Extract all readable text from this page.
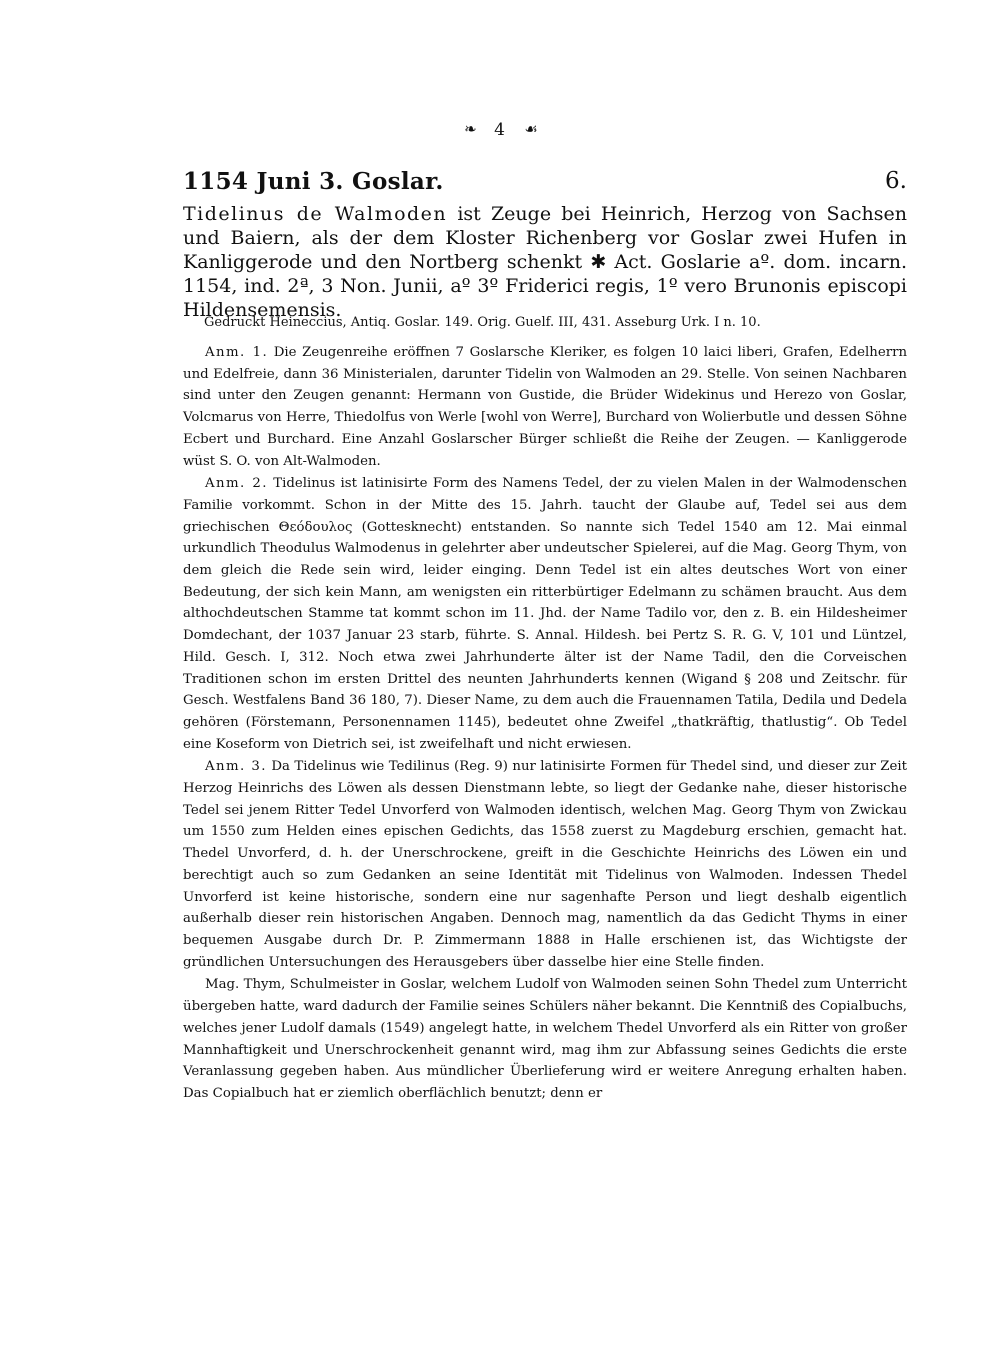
❧ 4 ☙
1154 Juni 3. Goslar.	6.
Tidelinus de Walmoden ist Zeuge bei Heinrich, Herzog von Sachsen und Baiern, als der dem Kloster Richenberg vor Goslar zwei Hufen in Kanliggerode und den Nortberg schenkt ✱ Act. Goslarie aº. dom. incarn. 1154, ind. 2ª, 3 Non. Junii, aº 3º Friderici regis, 1º vero Brunonis episcopi Hildensemensis.
Gedruckt Heineccius, Antiq. Goslar. 149. Orig. Guelf. III, 431. Asseburg Urk. I n. 10.

Anm. 1. Die Zeugenreihe eröffnen 7 Goslarsche Kleriker, es folgen 10 laici liberi, Grafen, Edelherrn und Edelfreie, dann 36 Ministerialen, darunter Tidelin von Walmoden an 29. Stelle. Von seinen Nachbaren sind unter den Zeugen genannt: Hermann von Gustide, die Brüder Widekinus und Herezo von Goslar, Volcmarus von Herre, Thiedolfus von Werle [wohl von Werre], Burchard von Wolierbutle und dessen Söhne Ecbert und Burchard. Eine Anzahl Goslarscher Bürger schließt die Reihe der Zeugen. — Kanliggerode wüst S. O. von Alt-Walmoden.

Anm. 2. Tidelinus ist latinisirte Form des Namens Tedel, der zu vielen Malen in der Walmodenschen Familie vorkommt. Schon in der Mitte des 15. Jahrh. taucht der Glaube auf, Tedel sei aus dem griechischen Θεόδουλος (Gottesknecht) entstanden. So nannte sich Tedel 1540 am 12. Mai einmal urkundlich Theodulus Walmodenus in gelehrter aber undeutscher Spielerei, auf die Mag. Georg Thym, von dem gleich die Rede sein wird, leider einging. Denn Tedel ist ein altes deutsches Wort von einer Bedeutung, der sich kein Mann, am wenigsten ein ritterbürtiger Edelmann zu schämen braucht. Aus dem althochdeutschen Stamme tat kommt schon im 11. Jhd. der Name Tadilo vor, den z. B. ein Hildesheimer Domdechant, der 1037 Januar 23 starb, führte. S. Annal. Hildesh. bei Pertz S. R. G. V, 101 und Lüntzel, Hild. Gesch. I, 312. Noch etwa zwei Jahrhunderte älter ist der Name Tadil, den die Corveischen Traditionen schon im ersten Drittel des neunten Jahrhunderts kennen (Wigand § 208 und Zeitschr. für Gesch. Westfalens Band 36 180, 7). Dieser Name, zu dem auch die Frauennamen Tatila, Dedila und Dedela gehören (Förstemann, Personennamen 1145), bedeutet ohne Zweifel „thatkräftig, thatlustig“. Ob Tedel eine Koseform von Dietrich sei, ist zweifelhaft und nicht erwiesen.

Anm. 3. Da Tidelinus wie Tedilinus (Reg. 9) nur latinisirte Formen für Thedel sind, und dieser zur Zeit Herzog Heinrichs des Löwen als dessen Dienstmann lebte, so liegt der Gedanke nahe, dieser historische Tedel sei jenem Ritter Tedel Unvorferd von Walmoden identisch, welchen Mag. Georg Thym von Zwickau um 1550 zum Helden eines epischen Gedichts, das 1558 zuerst zu Magdeburg erschien, gemacht hat. Thedel Unvorferd, d. h. der Unerschrockene, greift in die Geschichte Heinrichs des Löwen ein und berechtigt auch so zum Gedanken an seine Identität mit Tidelinus von Walmoden. Indessen Thedel Unvorferd ist keine historische, sondern eine nur sagenhafte Person und liegt deshalb eigentlich außerhalb dieser rein historischen Angaben. Dennoch mag, namentlich da das Gedicht Thyms in einer bequemen Ausgabe durch Dr. P. Zimmermann 1888 in Halle erschienen ist, das Wichtigste der gründlichen Untersuchungen des Herausgebers über dasselbe hier eine Stelle finden.

Mag. Thym, Schulmeister in Goslar, welchem Ludolf von Walmoden seinen Sohn Thedel zum Unterricht übergeben hatte, ward dadurch der Familie seines Schülers näher bekannt. Die Kenntniß des Copialbuchs, welches jener Ludolf damals (1549) angelegt hatte, in welchem Thedel Unvorferd als ein Ritter von großer Mannhaftigkeit und Unerschrockenheit genannt wird, mag ihm zur Abfassung seines Gedichts die erste Veranlassung gegeben haben. Aus mündlicher Überlieferung wird er weitere Anregung erhalten haben. Das Copialbuch hat er ziemlich oberflächlich benutzt; denn er
